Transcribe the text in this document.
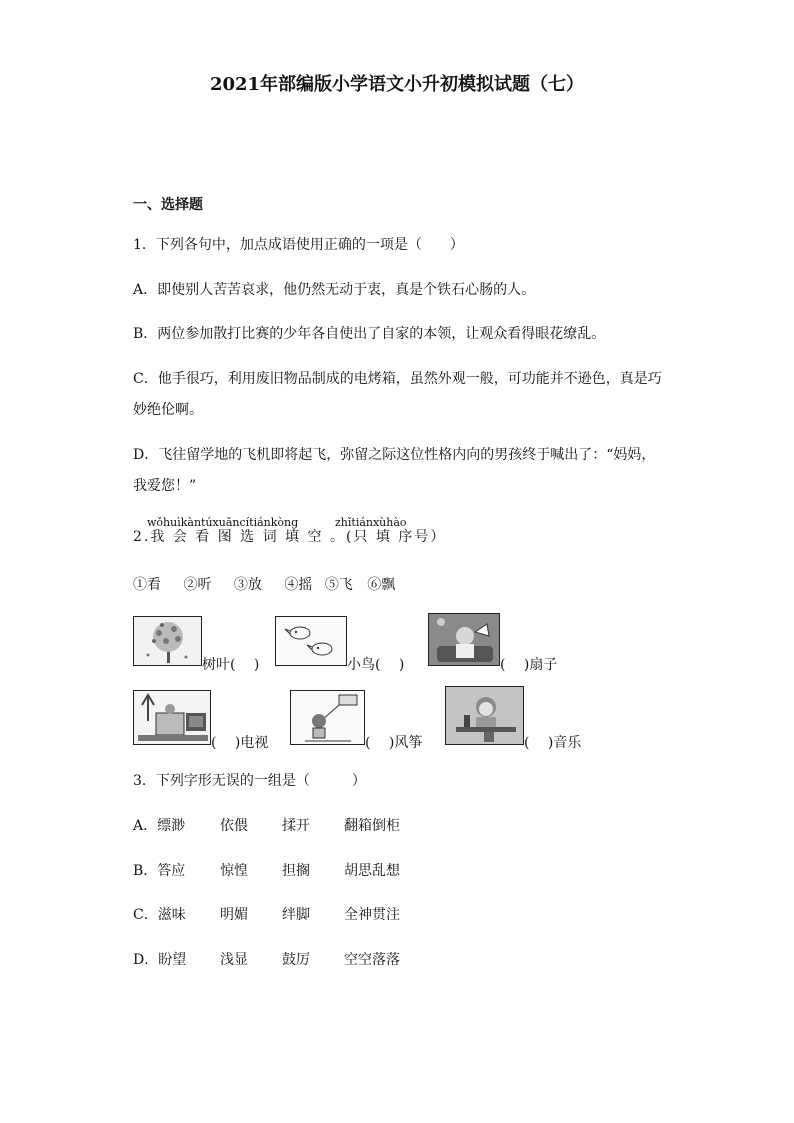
2021年部编版小学语文小升初模拟试题（七）
一、选择题
1．下列各句中，加点成语使用正确的一项是（　　）
A．即使别人苦苦哀求，他仍然无动于衷，真是个铁石心肠的人。
B．两位参加散打比赛的少年各自使出了自家的本领，让观众看得眼花缭乱。
C．他手很巧，利用废旧物品制成的电烤箱，虽然外观一般，可功能并不逊色，真是巧
妙绝伦啊。
D．飞往留学地的飞机即将起飞，弥留之际这位性格内向的男孩终于喊出了：“妈妈，
我爱您！”
wǒhuìkàntúxuǎncítiánkòng	zhǐtiánxùhào
2.我 会 看 图 选 词 填 空 。(只 填 序号）
①看 ②听 ③放 ④摇 ⑤飞 ⑥飘
树叶(　 )	小鸟(　 )	(　 )扇子
(　 )电视	(　 )风筝	(　 )音乐
3．下列字形无误的一组是（　　　）
A．缥渺 依偎 揉开 翻箱倒柜
B．答应 惊惶 担搁 胡思乱想
C．滋味 明媚 绊脚 全神贯注
D．盼望 浅显 鼓厉 空空落落
